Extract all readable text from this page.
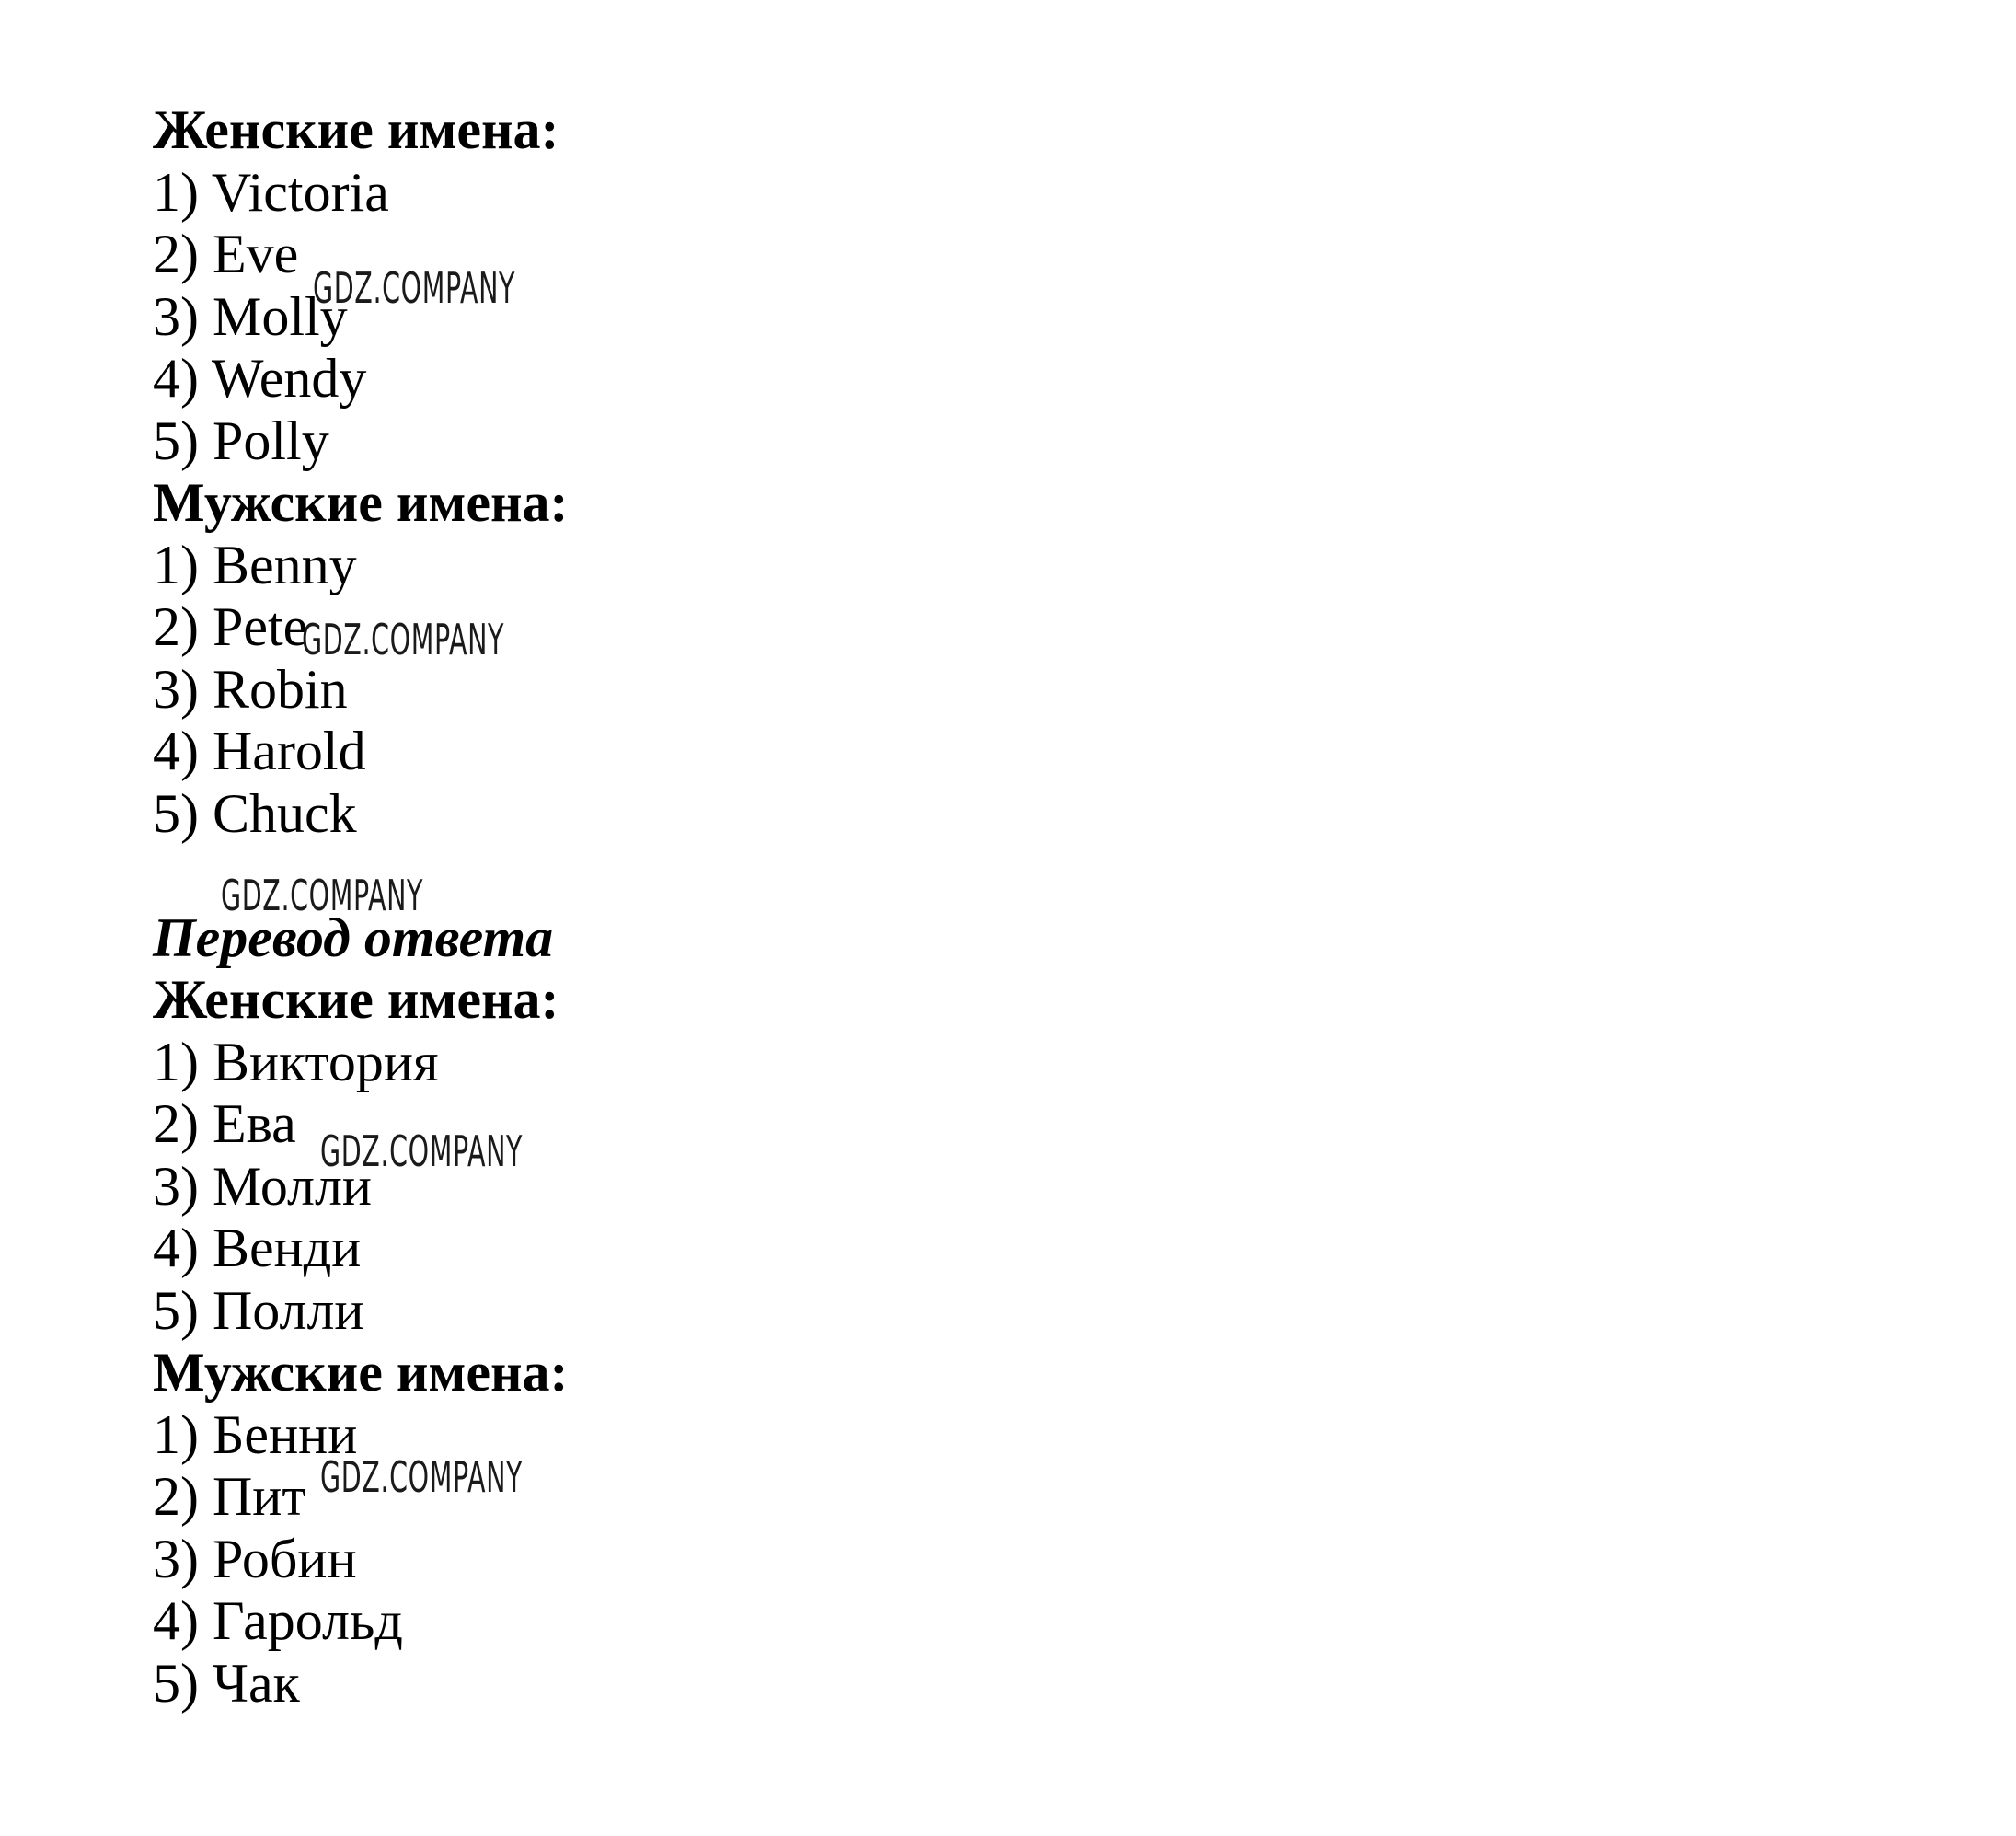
Женские имена:
1) Victoria
2) Eve
3) Molly
4) Wendy
5) Polly
Мужские имена:
1) Benny
2) Pete
3) Robin
4) Harold
5) Chuck
Перевод ответа
Женские имена:
1) Виктория
2) Ева
3) Молли
4) Венди
5) Полли
Мужские имена:
1) Бенни
2) Пит
3) Робин
4) Гарольд
5) Чак
GDZ.COMPANY
GDZ.COMPANY
GDZ.COMPANY
GDZ.COMPANY
GDZ.COMPANY
